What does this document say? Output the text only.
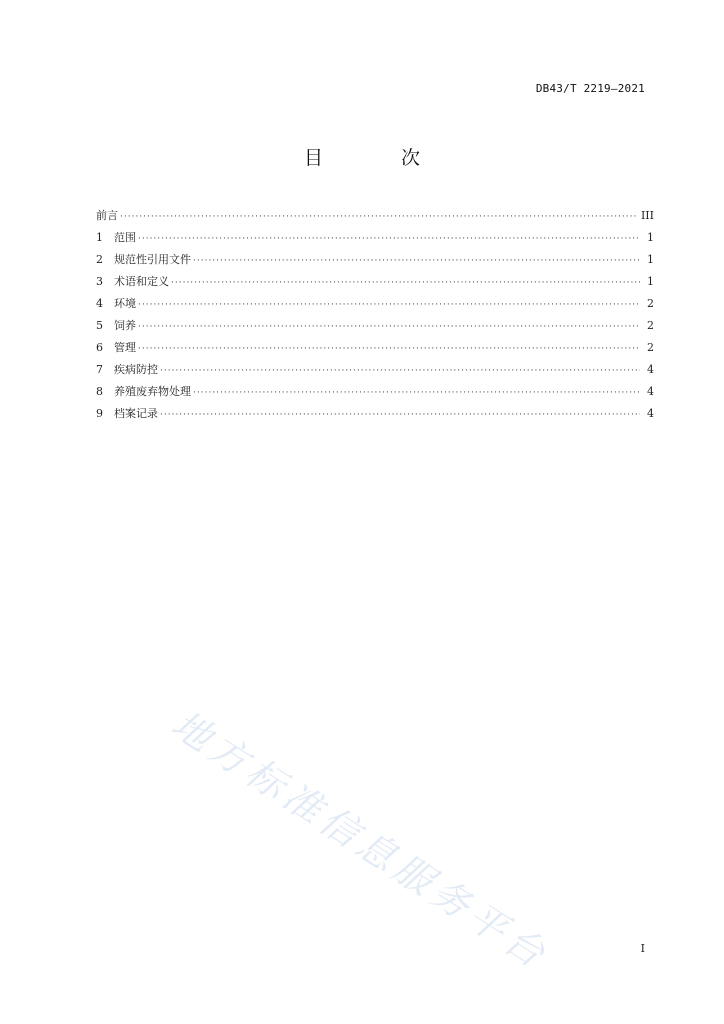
DB43/T 2219—2021
目 次
前言 ·····	III
1	范围 ·····	1
2	规范性引用文件 ·····	1
3	术语和定义 ·····	1
4	环境 ·····	2
5	饲养 ·····	2
6	管理 ·····	2
7	疾病防控 ·····	4
8	养殖废弃物处理 ·····	4
9	档案记录 ·····	4
地方标准信息服务平台	I
